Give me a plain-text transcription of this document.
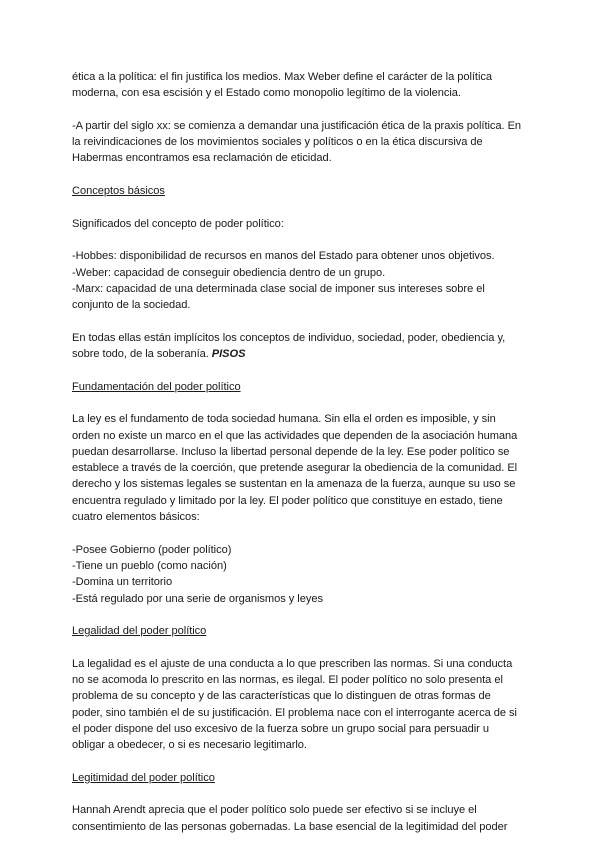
ética a la política: el fin justifica los medios. Max Weber define el carácter de la política
moderna, con esa escisión y el Estado como monopolio legítimo de la violencia.

-A partir del siglo xx: se comienza a demandar una justificación ética de la praxis política. En
la reivindicaciones de los movimientos sociales y políticos o en la ética discursiva de
Habermas encontramos esa reclamación de eticidad.

Conceptos básicos

Significados del concepto de poder político:

-Hobbes: disponibilidad de recursos en manos del Estado para obtener unos objetivos.
-Weber: capacidad de conseguir obediencia dentro de un grupo.
-Marx: capacidad de una determinada clase social de imponer sus intereses sobre el
conjunto de la sociedad.

En todas ellas están implícitos los conceptos de individuo, sociedad, poder, obediencia y,
sobre todo, de la soberanía. PISOS

Fundamentación del poder político

La ley es el fundamento de toda sociedad humana. Sin ella el orden es imposible, y sin
orden no existe un marco en el que las actividades que dependen de la asociación humana
puedan desarrollarse. Incluso la libertad personal depende de la ley. Ese poder político se
establece a través de la coerción, que pretende asegurar la obediencia de la comunidad. El
derecho y los sistemas legales se sustentan en la amenaza de la fuerza, aunque su uso se
encuentra regulado y limitado por la ley. El poder político que constituye en estado, tiene
cuatro elementos básicos:

-Posee Gobierno (poder político)
-Tiene un pueblo (como nación)
-Domina un territorio
-Está regulado por una serie de organismos y leyes

Legalidad del poder político

La legalidad es el ajuste de una conducta a lo que prescriben las normas. Si una conducta
no se acomoda lo prescrito en las normas, es ilegal. El poder político no solo presenta el
problema de su concepto y de las características que lo distinguen de otras formas de
poder, sino también el de su justificación. El problema nace con el interrogante acerca de si
el poder dispone del uso excesivo de la fuerza sobre un grupo social para persuadir u
obligar a obedecer, o si es necesario legitimarlo.

Legitimidad del poder político

Hannah Arendt aprecia que el poder político solo puede ser efectivo si se incluye el
consentimiento de las personas gobernadas. La base esencial de la legitimidad del poder
